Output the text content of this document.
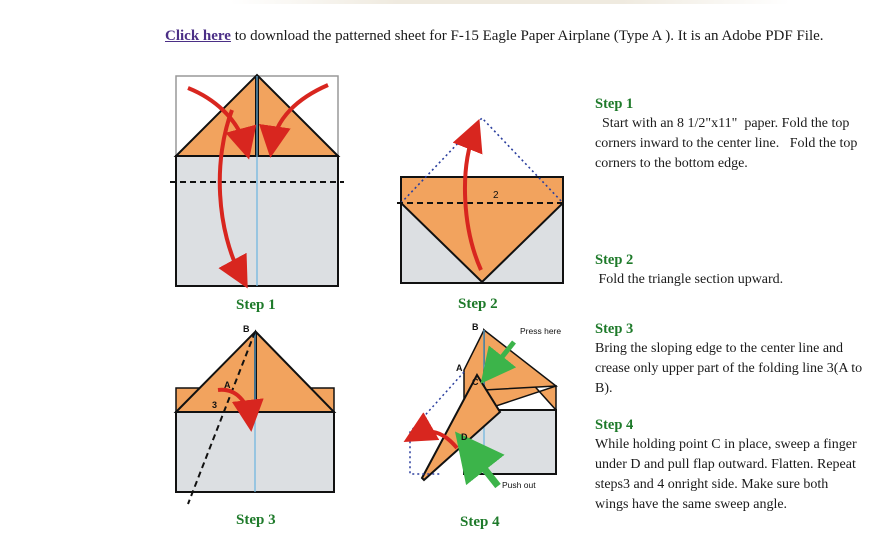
Click here to download the patterned sheet for F-15 Eagle Paper Airplane (Type A ). It is an Adobe PDF File.
Step 1
2
Step 2
B
A
3
Step 3
B
A
C
D
Press here
Push out
Step 4
Step 1
Start with an 8 1/2"x11"  paper. Fold the top corners inward to the center line.   Fold the top corners to the bottom edge.
Step 2
Fold the triangle section upward.
Step 3
Bring the sloping edge to the center line and crease only upper part of the folding line 3(A to B).
Step 4
While holding point C in place, sweep a finger under D and pull flap outward. Flatten. Repeat steps3 and 4 onright side. Make sure both wings have the same sweep angle.
